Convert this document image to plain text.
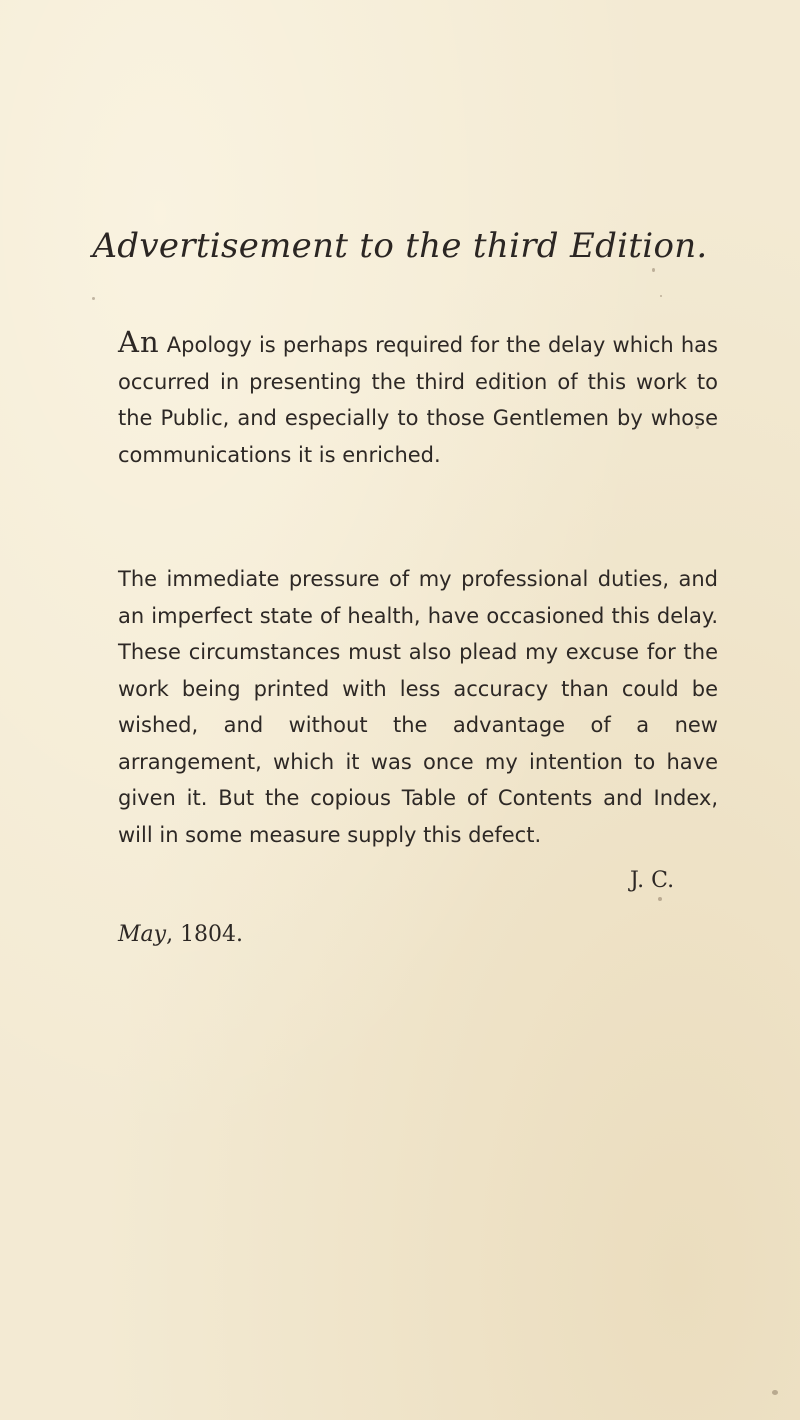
Advertisement to the third Edition.
An Apology is perhaps required for the delay which has occurred in presenting the third edition of this work to the Public, and especially to those Gentlemen by whose communications it is enriched.
The immediate pressure of my professional duties, and an imperfect state of health, have occasioned this delay. These circumstances must also plead my excuse for the work being printed with less accuracy than could be wished, and without the advantage of a new arrangement, which it was once my intention to have given it. But the copious Table of Contents and Index, will in some measure supply this defect.
J. C.
May, 1804.
